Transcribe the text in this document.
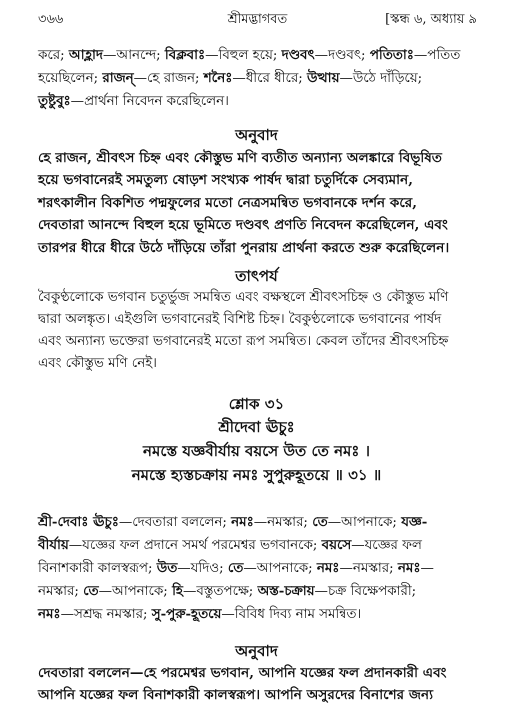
৩৬৬	শ্রীমদ্ভাগবত	[স্কন্ধ ৬, অধ্যায় ৯
করে; আহ্লাদ—আনন্দে; বিক্লবাঃ—বিহুল হয়ে; দণ্ডবৎ—দণ্ডবৎ; পতিতাঃ—পতিত
হয়েছিলেন; রাজন্—হে রাজন; শনৈঃ—ধীরে ধীরে; উত্থায়—উঠে দাঁড়িয়ে;
তুষ্টুবুঃ—প্রার্থনা নিবেদন করেছিলেন।
অনুবাদ
হে রাজন, শ্রীবৎস চিহ্ন এবং কৌস্তুভ মণি ব্যতীত অন্যান্য অলঙ্কারে বিভূষিত
হয়ে ভগবানেরই সমতুল্য ষোড়শ সংখ্যক পার্ষদ দ্বারা চতুর্দিকে সেব্যমান,
শরৎকালীন বিকশিত পদ্মফুলের মতো নেত্রসমন্বিত ভগবানকে দর্শন করে,
দেবতারা আনন্দে বিহুল হয়ে ভূমিতে দণ্ডবৎ প্রণতি নিবেদন করেছিলেন, এবং
তারপর ধীরে ধীরে উঠে দাঁড়িয়ে তাঁরা পুনরায় প্রার্থনা করতে শুরু করেছিলেন।
তাৎপর্য
বৈকুণ্ঠলোকে ভগবান চতুর্ভুজ সমন্বিত এবং বক্ষস্থলে শ্রীবৎসচিহ্ন ও কৌস্তুভ মণি
দ্বারা অলঙ্কৃত। এইগুলি ভগবানেরই বিশিষ্ট চিহ্ন। বৈকুণ্ঠলোকে ভগবানের পার্ষদ
এবং অন্যান্য ভক্তেরা ভগবানেরই মতো রূপ সমন্বিত। কেবল তাঁদের শ্রীবৎসচিহ্ন
এবং কৌস্তুভ মণি নেই।
শ্লোক ৩১
শ্রীদেবা ঊচুঃ
নমস্তে যজ্ঞবীর্যায় বয়সে উত তে নমঃ ।
নমস্তে হ্যস্তচক্রায় নমঃ সুপুরুহূতয়ে ॥ ৩১ ॥
শ্রী-দেবাঃ ঊচুঃ—দেবতারা বললেন; নমঃ—নমস্কার; তে—আপনাকে; যজ্ঞ-
বীর্যায়—যজ্ঞের ফল প্রদানে সমর্থ পরমেশ্বর ভগবানকে; বয়সে—যজ্ঞের ফল
বিনাশকারী কালস্বরূপ; উত—যদিও; তে—আপনাকে; নমঃ—নমস্কার; নমঃ—
নমস্কার; তে—আপনাকে; হি—বস্তুতপক্ষে; অস্ত-চক্রায়—চক্র বিক্ষেপকারী;
নমঃ—সশ্রদ্ধ নমস্কার; সু-পুরু-হূতয়ে—বিবিধ দিব্য নাম সমন্বিত।
অনুবাদ
দেবতারা বললেন—হে পরমেশ্বর ভগবান, আপনি যজ্ঞের ফল প্রদানকারী এবং
আপনি যজ্ঞের ফল বিনাশকারী কালস্বরূপ। আপনি অসুরদের বিনাশের জন্য
